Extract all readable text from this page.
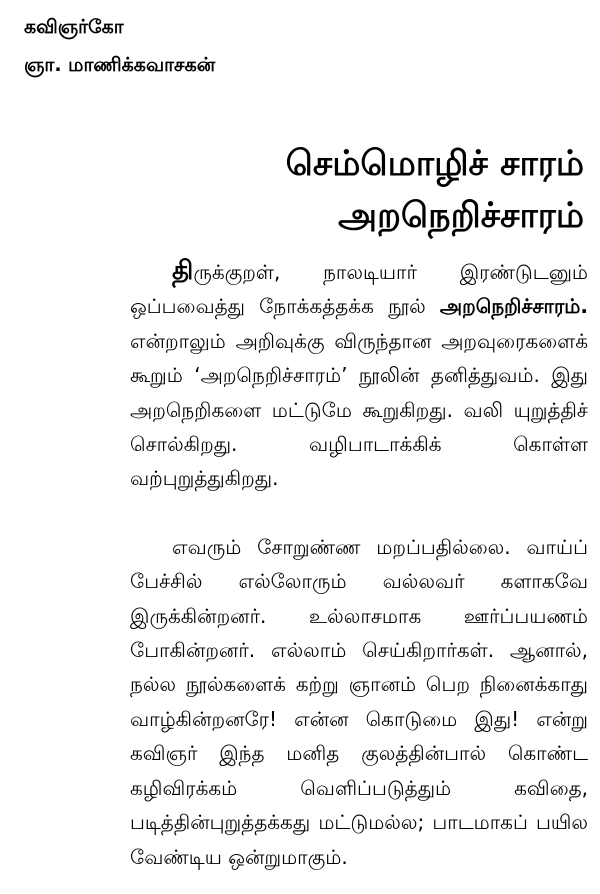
கவிஞர்கோ
ஞா. மாணிக்கவாசகன்
செம்மொழிச் சாரம்
அறநெறிச்சாரம்

திருக்குறள், நாலடியார் இரண்டுடனும் ஒப்பவைத்து நோக்கத்தக்க நூல் அறநெறிச்சாரம். என்றாலும் அறிவுக்கு விருந்தான அறவுரைகளைக் கூறும் ‘அறநெறிச்சாரம்’ நூலின் தனித்துவம். இது அறநெறிகளை மட்டுமே கூறுகிறது. வலி யுறுத்திச் சொல்கிறது. வழிபாடாக்கிக் கொள்ள வற்புறுத்துகிறது.

எவரும் சோறுண்ண மறப்பதில்லை. வாய்ப் பேச்சில் எல்லோரும் வல்லவர் களாகவே இருக்கின்றனர். உல்லாசமாக ஊர்ப்பயணம் போகின்றனர். எல்லாம் செய்கிறார்கள். ஆனால், நல்ல நூல்களைக் கற்று ஞானம் பெற நினைக்காது வாழ்கின்றனரே! என்ன கொடுமை இது! என்று கவிஞர் இந்த மனித குலத்தின்பால் கொண்ட கழிவிரக்கம் வெளிப்படுத்தும் கவிதை, படித்தின்புறுத்தக்கது மட்டுமல்ல; பாடமாகப் பயில வேண்டிய ஒன்றுமாகும்.
